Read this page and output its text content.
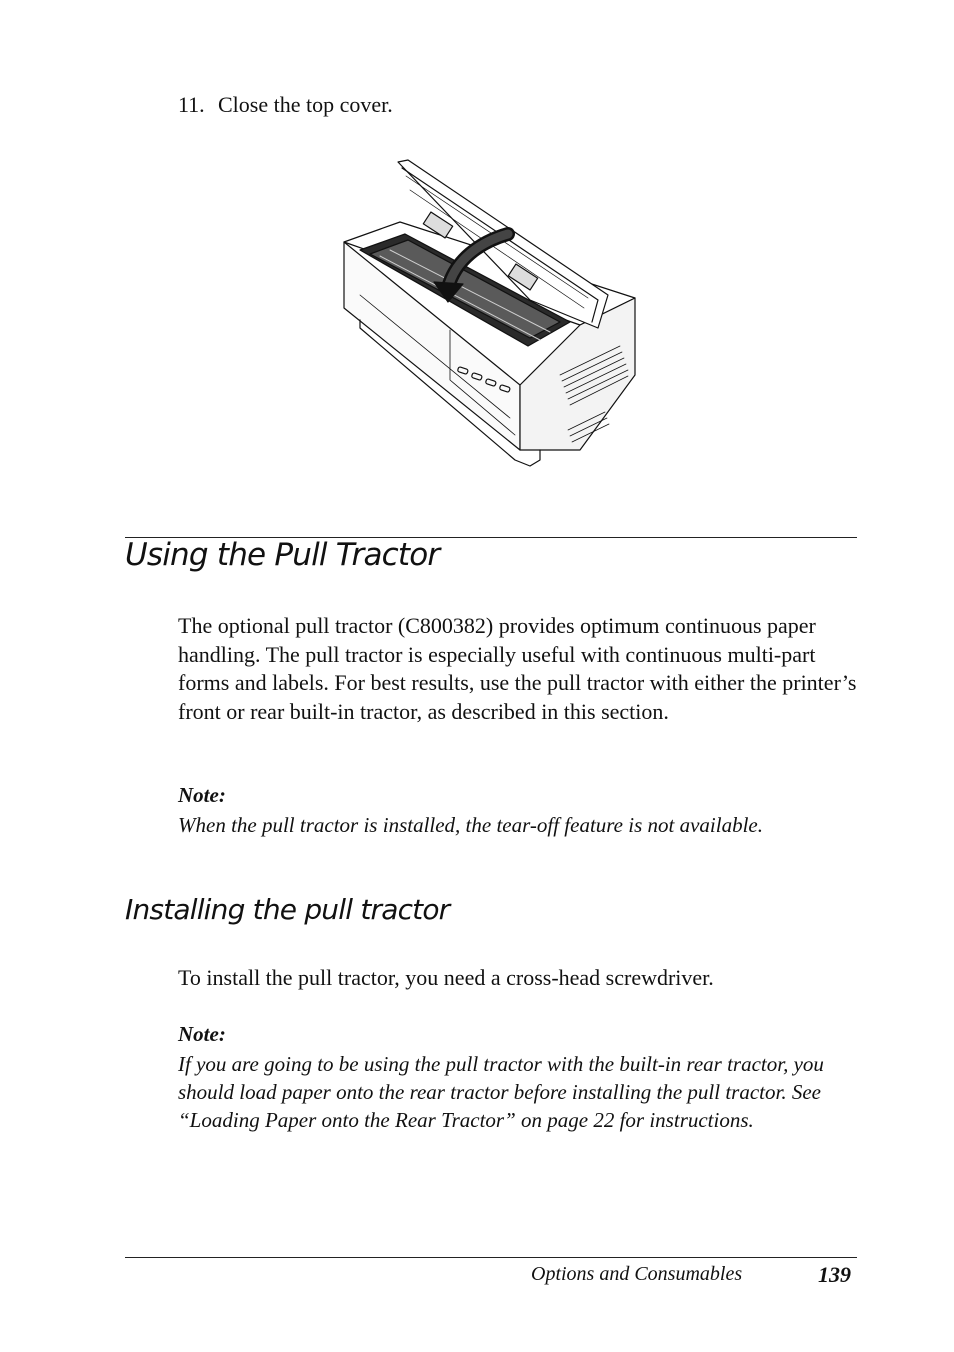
11. Close the top cover.
Using the Pull Tractor

The optional pull tractor (C800382) provides optimum continuous paper handling. The pull tractor is especially useful with continuous multi-part forms and labels. For best results, use the pull tractor with either the printer’s front or rear built-in tractor, as described in this section.

Note:

When the pull tractor is installed, the tear-off feature is not available.

Installing the pull tractor

To install the pull tractor, you need a cross-head screwdriver.

Note:

If you are going to be using the pull tractor with the built-in rear tractor, you should load paper onto the rear tractor before installing the pull tractor. See “Loading Paper onto the Rear Tractor” on page 22 for instructions.

Options and Consumables	139
